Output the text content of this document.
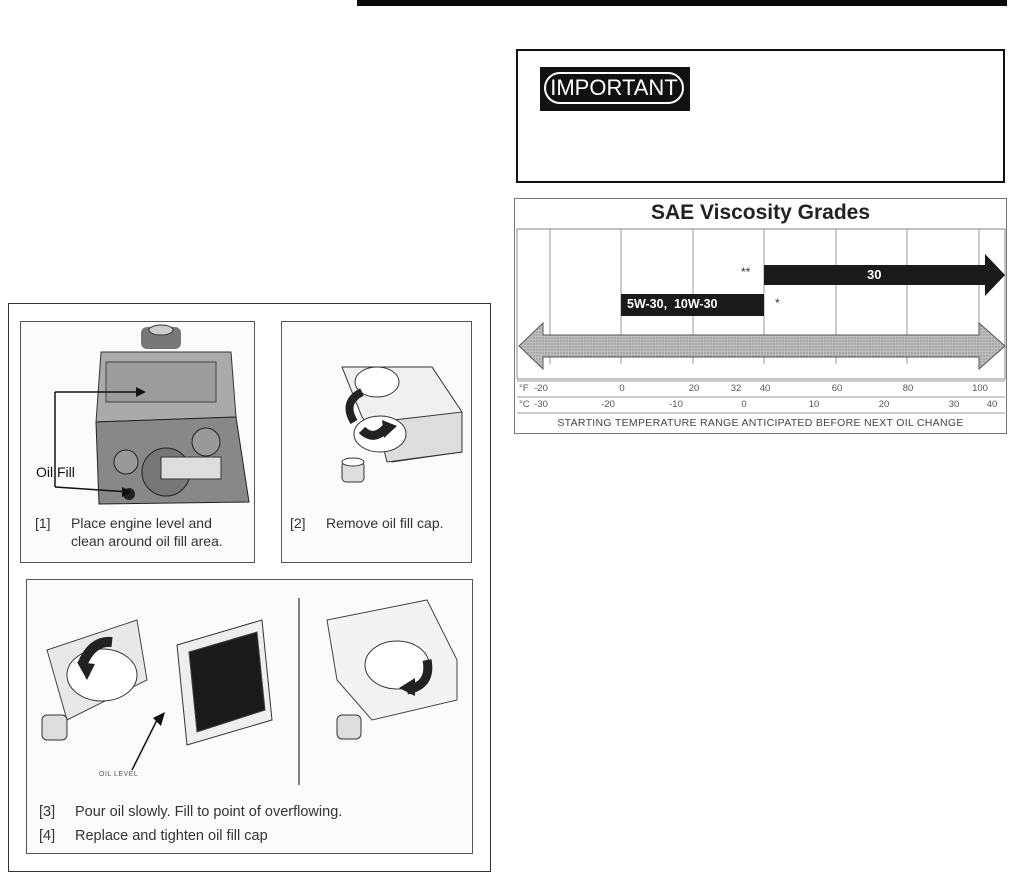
IMPORTANT
SAE Viscosity Grades
30
5W-30,  10W-30
**
*
°F -20	0	20	32	40	60	80	100
°C -30	-20	-10	0	10	20	30	40
STARTING TEMPERATURE RANGE ANTICIPATED BEFORE NEXT OIL CHANGE
Oil Fill
[1] Place engine level and
clean around oil fill area.
[2] Remove oil fill cap.
OIL LEVEL
[3] Pour oil slowly. Fill to point of overflowing.
[4] Replace and tighten oil fill cap
